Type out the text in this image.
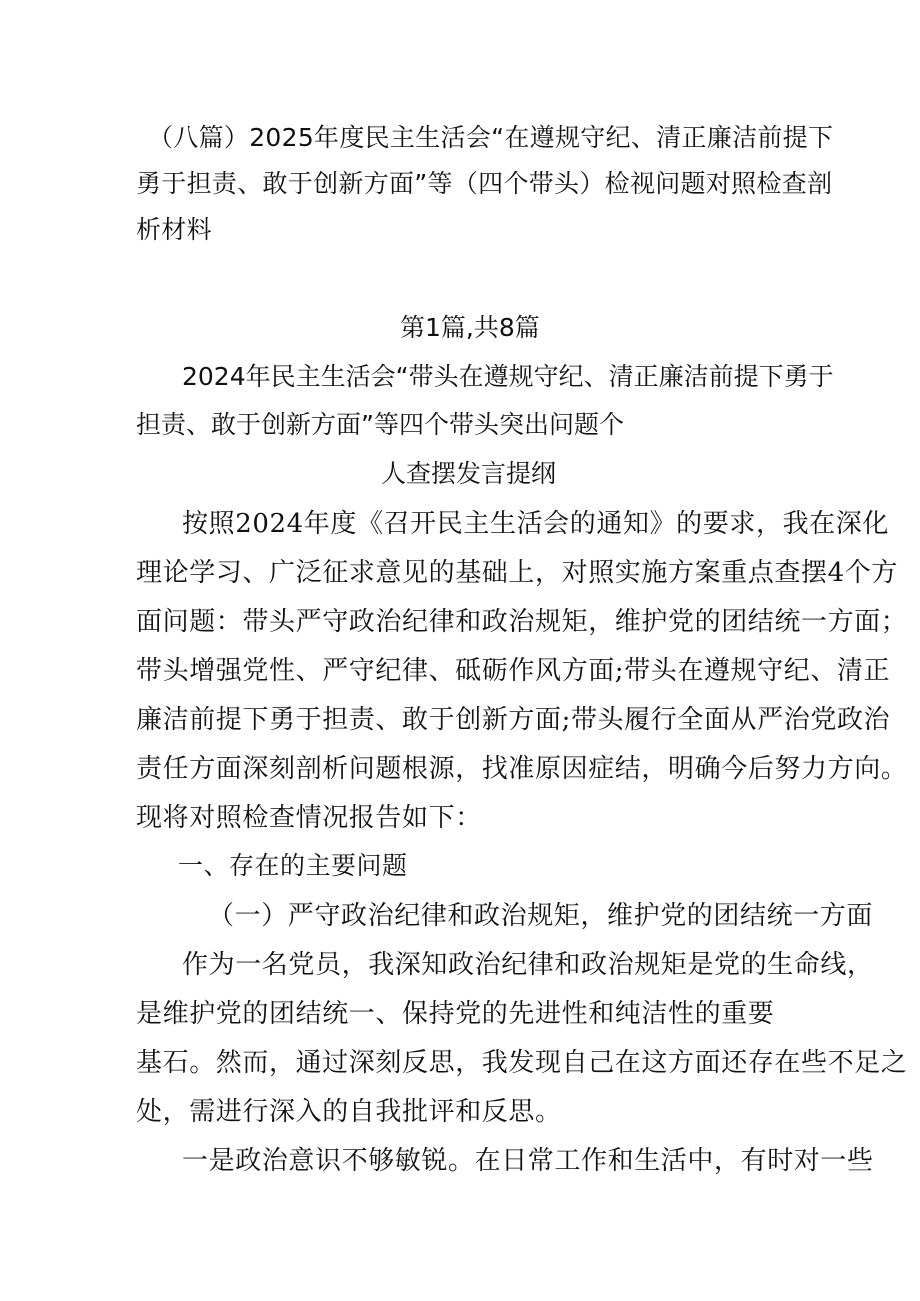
（八篇）2025年度民主生活会“在遵规守纪、清正廉洁前提下
勇于担责、敢于创新方面”等（四个带头）检视问题对照检查剖
析材料
第1篇,共8篇
2024年民主生活会“带头在遵规守纪、清正廉洁前提下勇于
担责、敢于创新方面”等四个带头突出问题个
人查摆发言提纲
按照2024年度《召开民主生活会的通知》的要求，我在深化
理论学习、广泛征求意见的基础上，对照实施方案重点查摆4个方
面问题：带头严守政治纪律和政治规矩，维护党的团结统一方面；
带头增强党性、严守纪律、砥砺作风方面;带头在遵规守纪、清正
廉洁前提下勇于担责、敢于创新方面;带头履行全面从严治党政治
责任方面深刻剖析问题根源，找准原因症结，明确今后努力方向。
现将对照检查情况报告如下：
一、存在的主要问题
（一）严守政治纪律和政治规矩，维护党的团结统一方面
作为一名党员，我深知政治纪律和政治规矩是党的生命线，
是维护党的团结统一、保持党的先进性和纯洁性的重要
基石。然而，通过深刻反思，我发现自己在这方面还存在些不足之
处，需进行深入的自我批评和反思。
一是政治意识不够敏锐。在日常工作和生活中，有时对一些
